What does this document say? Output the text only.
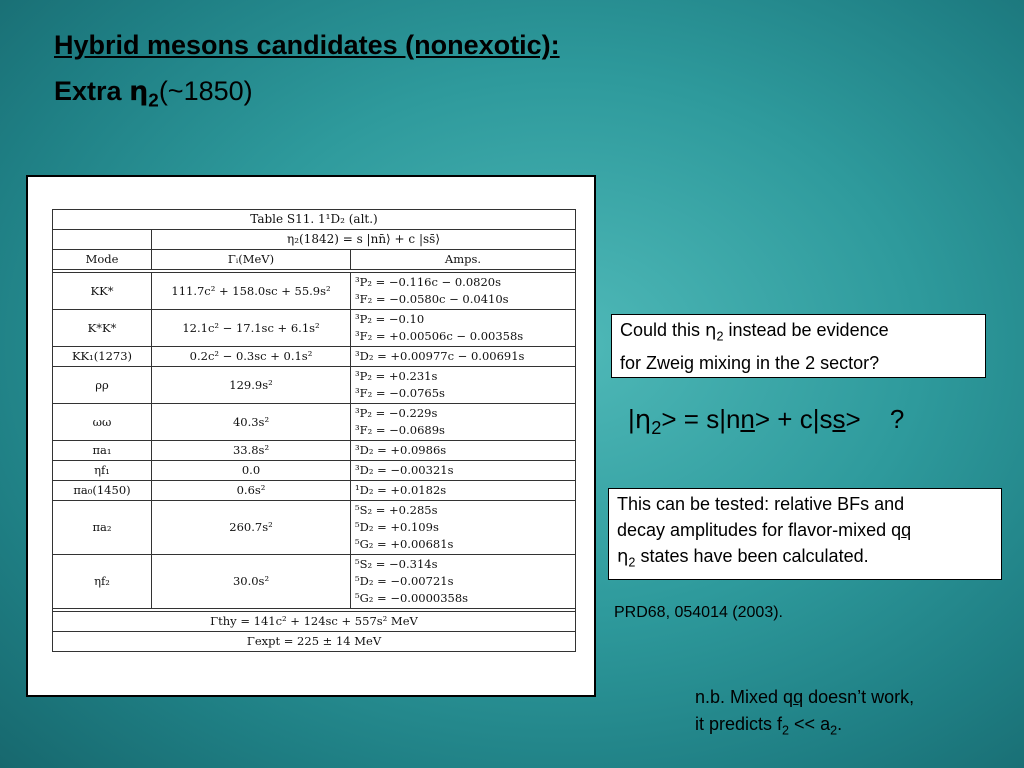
Hybrid mesons candidates (nonexotic):
Extra $\eta_2(\sim 1850)$
Table S11. 1¹D₂ (alt.)		
	η₂(1842) = s |nn̄⟩ + c |ss̄⟩	
Mode	Γᵢ(MeV)	Amps.

KK*	111.7c² + 158.0sc + 55.9s²	³P₂ = −0.116c − 0.0820s
³F₂ = −0.0580c − 0.0410s

K*K*	12.1c² − 17.1sc + 6.1s²	³P₂ = −0.10
³F₂ = +0.00506c − 0.00358s

KK₁(1273)	0.2c² − 0.3sc + 0.1s²	³D₂ = +0.00977c − 0.00691s

ρρ	129.9s²	³P₂ = +0.231s
³F₂ = −0.0765s

ωω	40.3s²	³P₂ = −0.229s
³F₂ = −0.0689s

πa₁	33.8s²	³D₂ = +0.0986s

ηf₁	0.0	³D₂ = −0.00321s

πa₀(1450)	0.6s²	¹D₂ = +0.0182s

πa₂	260.7s²	⁵S₂ = +0.285s
⁵D₂ = +0.109s
⁵G₂ = +0.00681s

ηf₂	30.0s²	⁵S₂ = −0.314s
⁵D₂ = −0.00721s
⁵G₂ = −0.0000358s

Γthy = 141c² + 124sc + 557s² MeV		
Γexpt = 225 ± 14 MeV		
Could this $\eta_2$ instead be evidence
for Zweig mixing in the 2 sector?
$|\eta_2> = s|nn> + c|ss>$ ?
This can be tested: relative BFs and
decay amplitudes for flavor-mixed qq
$\eta_2$ states have been calculated.
PRD68, 054014 (2003).
n.b. Mixed qq doesn’t work,
it predicts $f_2 << a_2$.
